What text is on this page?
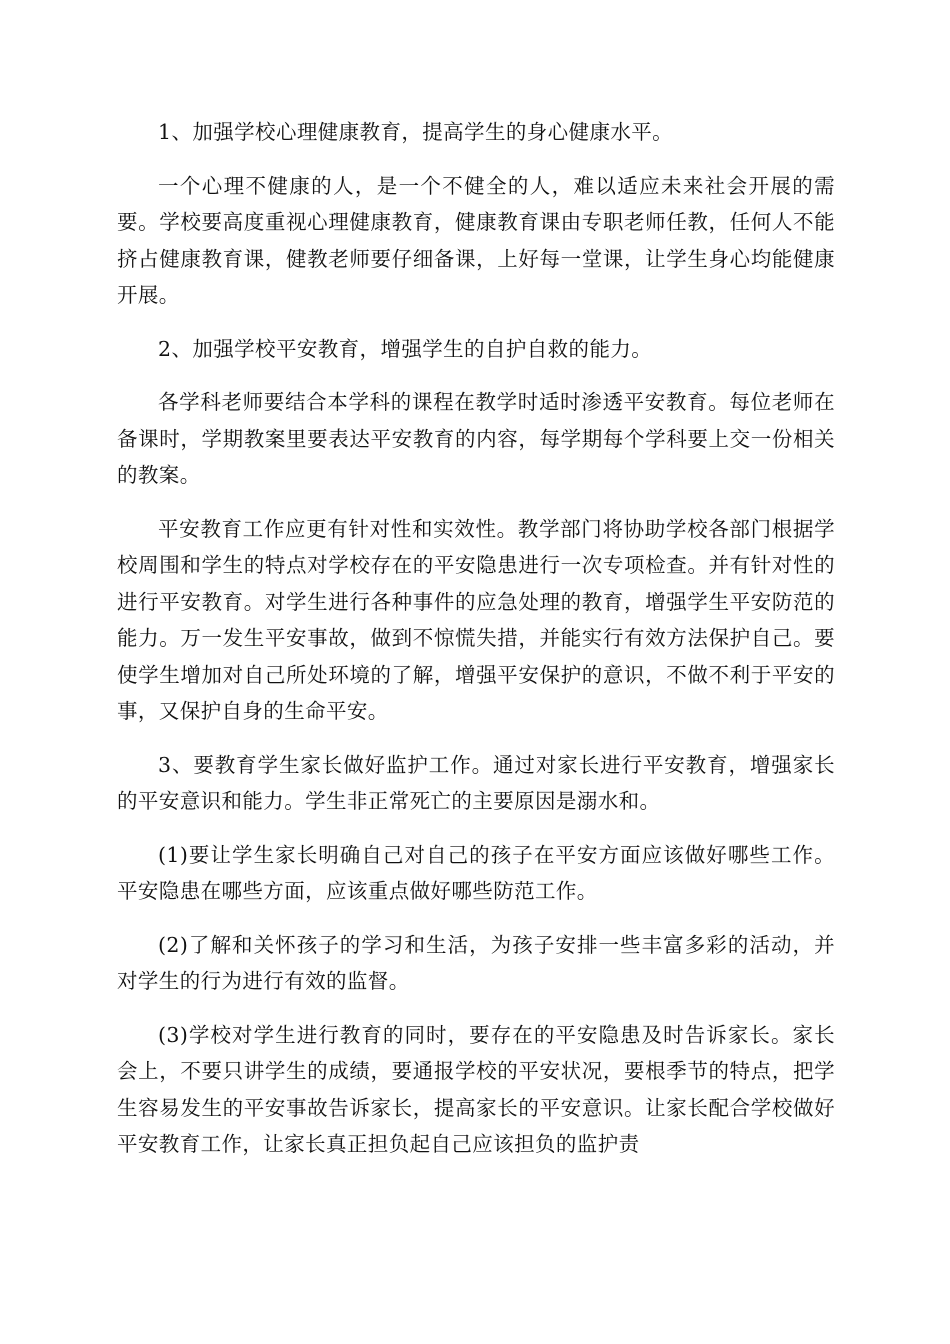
1、加强学校心理健康教育，提高学生的身心健康水平。

一个心理不健康的人，是一个不健全的人，难以适应未来社会开展的需要。学校要高度重视心理健康教育，健康教育课由专职老师任教，任何人不能挤占健康教育课，健教老师要仔细备课，上好每一堂课，让学生身心均能健康开展。

2、加强学校平安教育，增强学生的自护自救的能力。

各学科老师要结合本学科的课程在教学时适时渗透平安教育。每位老师在备课时，学期教案里要表达平安教育的内容，每学期每个学科要上交一份相关的教案。

平安教育工作应更有针对性和实效性。教学部门将协助学校各部门根据学校周围和学生的特点对学校存在的平安隐患进行一次专项检查。并有针对性的进行平安教育。对学生进行各种事件的应急处理的教育，增强学生平安防范的能力。万一发生平安事故，做到不惊慌失措，并能实行有效方法保护自己。要使学生增加对自己所处环境的了解，增强平安保护的意识，不做不利于平安的事，又保护自身的生命平安。

3、要教育学生家长做好监护工作。通过对家长进行平安教育，增强家长的平安意识和能力。学生非正常死亡的主要原因是溺水和。

(1)要让学生家长明确自己对自己的孩子在平安方面应该做好哪些工作。平安隐患在哪些方面，应该重点做好哪些防范工作。

(2)了解和关怀孩子的学习和生活，为孩子安排一些丰富多彩的活动，并对学生的行为进行有效的监督。

(3)学校对学生进行教育的同时，要存在的平安隐患及时告诉家长。家长会上，不要只讲学生的成绩，要通报学校的平安状况，要根季节的特点，把学生容易发生的平安事故告诉家长，提高家长的平安意识。让家长配合学校做好平安教育工作，让家长真正担负起自己应该担负的监护责
